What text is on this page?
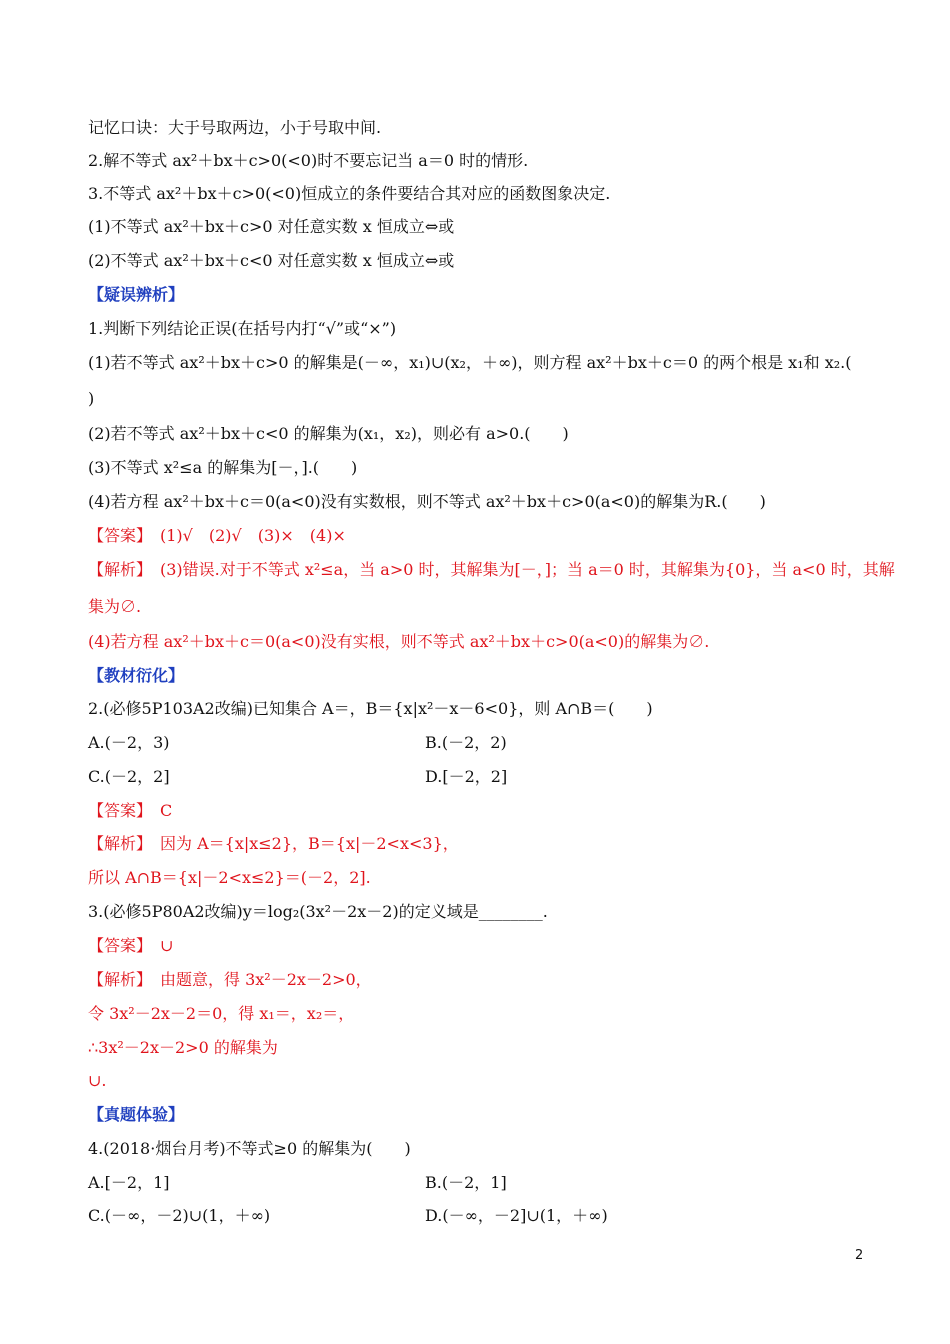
记忆口诀：大于号取两边，小于号取中间.
2.解不等式 ax²＋bx＋c>0(<0)时不要忘记当 a＝0 时的情形.
3.不等式 ax²＋bx＋c>0(<0)恒成立的条件要结合其对应的函数图象决定.
(1)不等式 ax²＋bx＋c>0 对任意实数 x 恒成立⇔或
(2)不等式 ax²＋bx＋c<0 对任意实数 x 恒成立⇔或
【疑误辨析】
1.判断下列结论正误(在括号内打“√”或“×”)
(1)若不等式 ax²＋bx＋c>0 的解集是(－∞，x₁)∪(x₂，＋∞)，则方程 ax²＋bx＋c＝0 的两个根是 x₁和 x₂.(
)
(2)若不等式 ax²＋bx＋c<0 的解集为(x₁，x₂)，则必有 a>0.(　　)
(3)不等式 x²≤a 的解集为[－，].(　　)
(4)若方程 ax²＋bx＋c＝0(a<0)没有实数根，则不等式 ax²＋bx＋c>0(a<0)的解集为R.(　　)
【答案】　(1)√　(2)√　(3)×　(4)×
【解析】　(3)错误.对于不等式 x²≤a，当 a>0 时，其解集为[－，]；当 a＝0 时，其解集为{0}，当 a<0 时，其解
集为∅.
(4)若方程 ax²＋bx＋c＝0(a<0)没有实根，则不等式 ax²＋bx＋c>0(a<0)的解集为∅.
【教材衍化】
2.(必修5P103A2改编)已知集合 A＝，B＝{x|x²－x－6<0}，则 A∩B＝(　　)
A.(－2，3)	B.(－2，2)
C.(－2，2]	D.[－2，2]
【答案】　C
【解析】　因为 A＝{x|x≤2}，B＝{x|－2<x<3}，
所以 A∩B＝{x|－2<x≤2}＝(－2，2].
3.(必修5P80A2改编)y＝log₂(3x²－2x－2)的定义域是________.
【答案】　∪
【解析】　由题意，得 3x²－2x－2>0，
令 3x²－2x－2＝0，得 x₁＝，x₂＝，
∴3x²－2x－2>0 的解集为
∪.
【真题体验】
4.(2018·烟台月考)不等式≥0 的解集为(　　)
A.[－2，1]	B.(－2，1]
C.(－∞，－2)∪(1，＋∞)	D.(－∞，－2]∪(1，＋∞)
2
